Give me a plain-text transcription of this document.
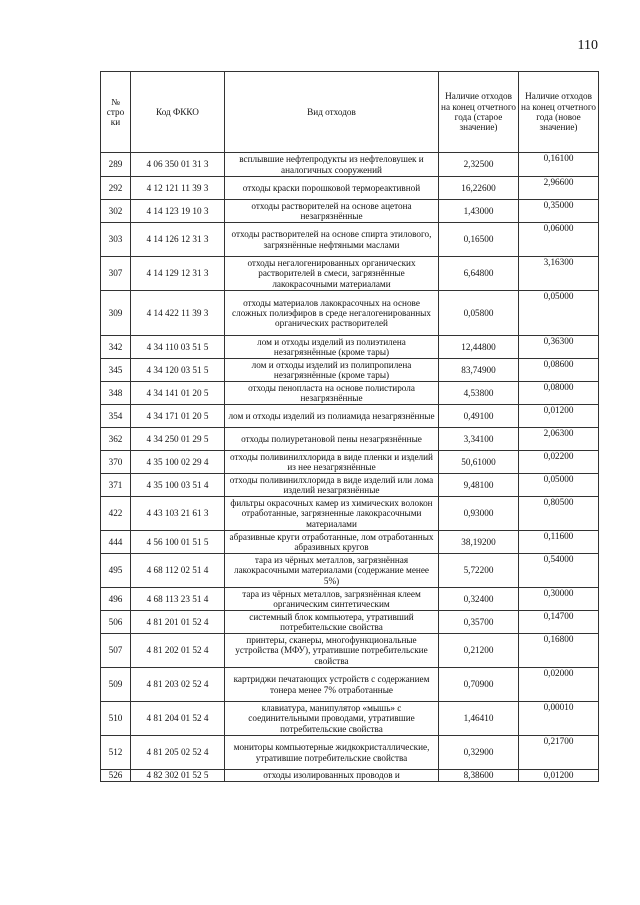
110
№ стро ки	Код ФККО	Вид отходов	Наличие отходов на конец отчетного года (старое значение)	Наличие отходов на конец отчетного года (новое значение)
289	4 06 350 01 31 3	всплывшие нефтепродукты из нефтеловушек и аналогичных сооружений	2,32500	0,16100
292	4 12 121 11 39 3	отходы краски порошковой термореактивной	16,22600	2,96600
302	4 14 123 19 10 3	отходы растворителей на основе ацетона незагрязнённые	1,43000	0,35000
303	4 14 126 12 31 3	отходы растворителей на основе спирта этилового, загрязнённые нефтяными маслами	0,16500	0,06000
307	4 14 129 12 31 3	отходы негалогенированных органических растворителей в смеси, загрязнённые лакокрасочными материалами	6,64800	3,16300
309	4 14 422 11 39 3	отходы материалов лакокрасочных на основе сложных полиэфиров в среде негалогенированных органических растворителей	0,05800	0,05000
342	4 34 110 03 51 5	лом и отходы изделий из полиэтилена незагрязнённые (кроме тары)	12,44800	0,36300
345	4 34 120 03 51 5	лом и отходы изделий из полипропилена незагрязнённые (кроме тары)	83,74900	0,08600
348	4 34 141 01 20 5	отходы пенопласта на основе полистирола незагрязнённые	4,53800	0,08000
354	4 34 171 01 20 5	лом и отходы изделий из полиамида незагрязнённые	0,49100	0,01200
362	4 34 250 01 29 5	отходы полиуретановой пены незагрязнённые	3,34100	2,06300
370	4 35 100 02 29 4	отходы поливинилхлорида в виде пленки и изделий из нее незагрязнённые	50,61000	0,02200
371	4 35 100 03 51 4	отходы поливинилхлорида в виде изделий или лома изделий незагрязнённые	9,48100	0,05000
422	4 43 103 21 61 3	фильтры окрасочных камер из химических волокон отработанные, загрязненные лакокрасочными материалами	0,93000	0,80500
444	4 56 100 01 51 5	абразивные круги отработанные, лом отработанных абразивных кругов	38,19200	0,11600
495	4 68 112 02 51 4	тара из чёрных металлов, загрязнённая лакокрасочными материалами (содержание менее 5%)	5,72200	0,54000
496	4 68 113 23 51 4	тара из чёрных металлов, загрязнённая клеем органическим синтетическим	0,32400	0,30000
506	4 81 201 01 52 4	системный блок компьютера, утративший потребительские свойства	0,35700	0,14700
507	4 81 202 01 52 4	принтеры, сканеры, многофункциональные устройства (МФУ), утратившие потребительские свойства	0,21200	0,16800
509	4 81 203 02 52 4	картриджи печатающих устройств с содержанием тонера менее 7% отработанные	0,70900	0,02000
510	4 81 204 01 52 4	клавиатура, манипулятор «мышь» с соединительными проводами, утратившие потребительские свойства	1,46410	0,00010
512	4 81 205 02 52 4	мониторы компьютерные жидкокристаллические, утратившие потребительские свойства	0,32900	0,21700
526	4 82 302 01 52 5	отходы изолированных проводов и	8,38600	0,01200
